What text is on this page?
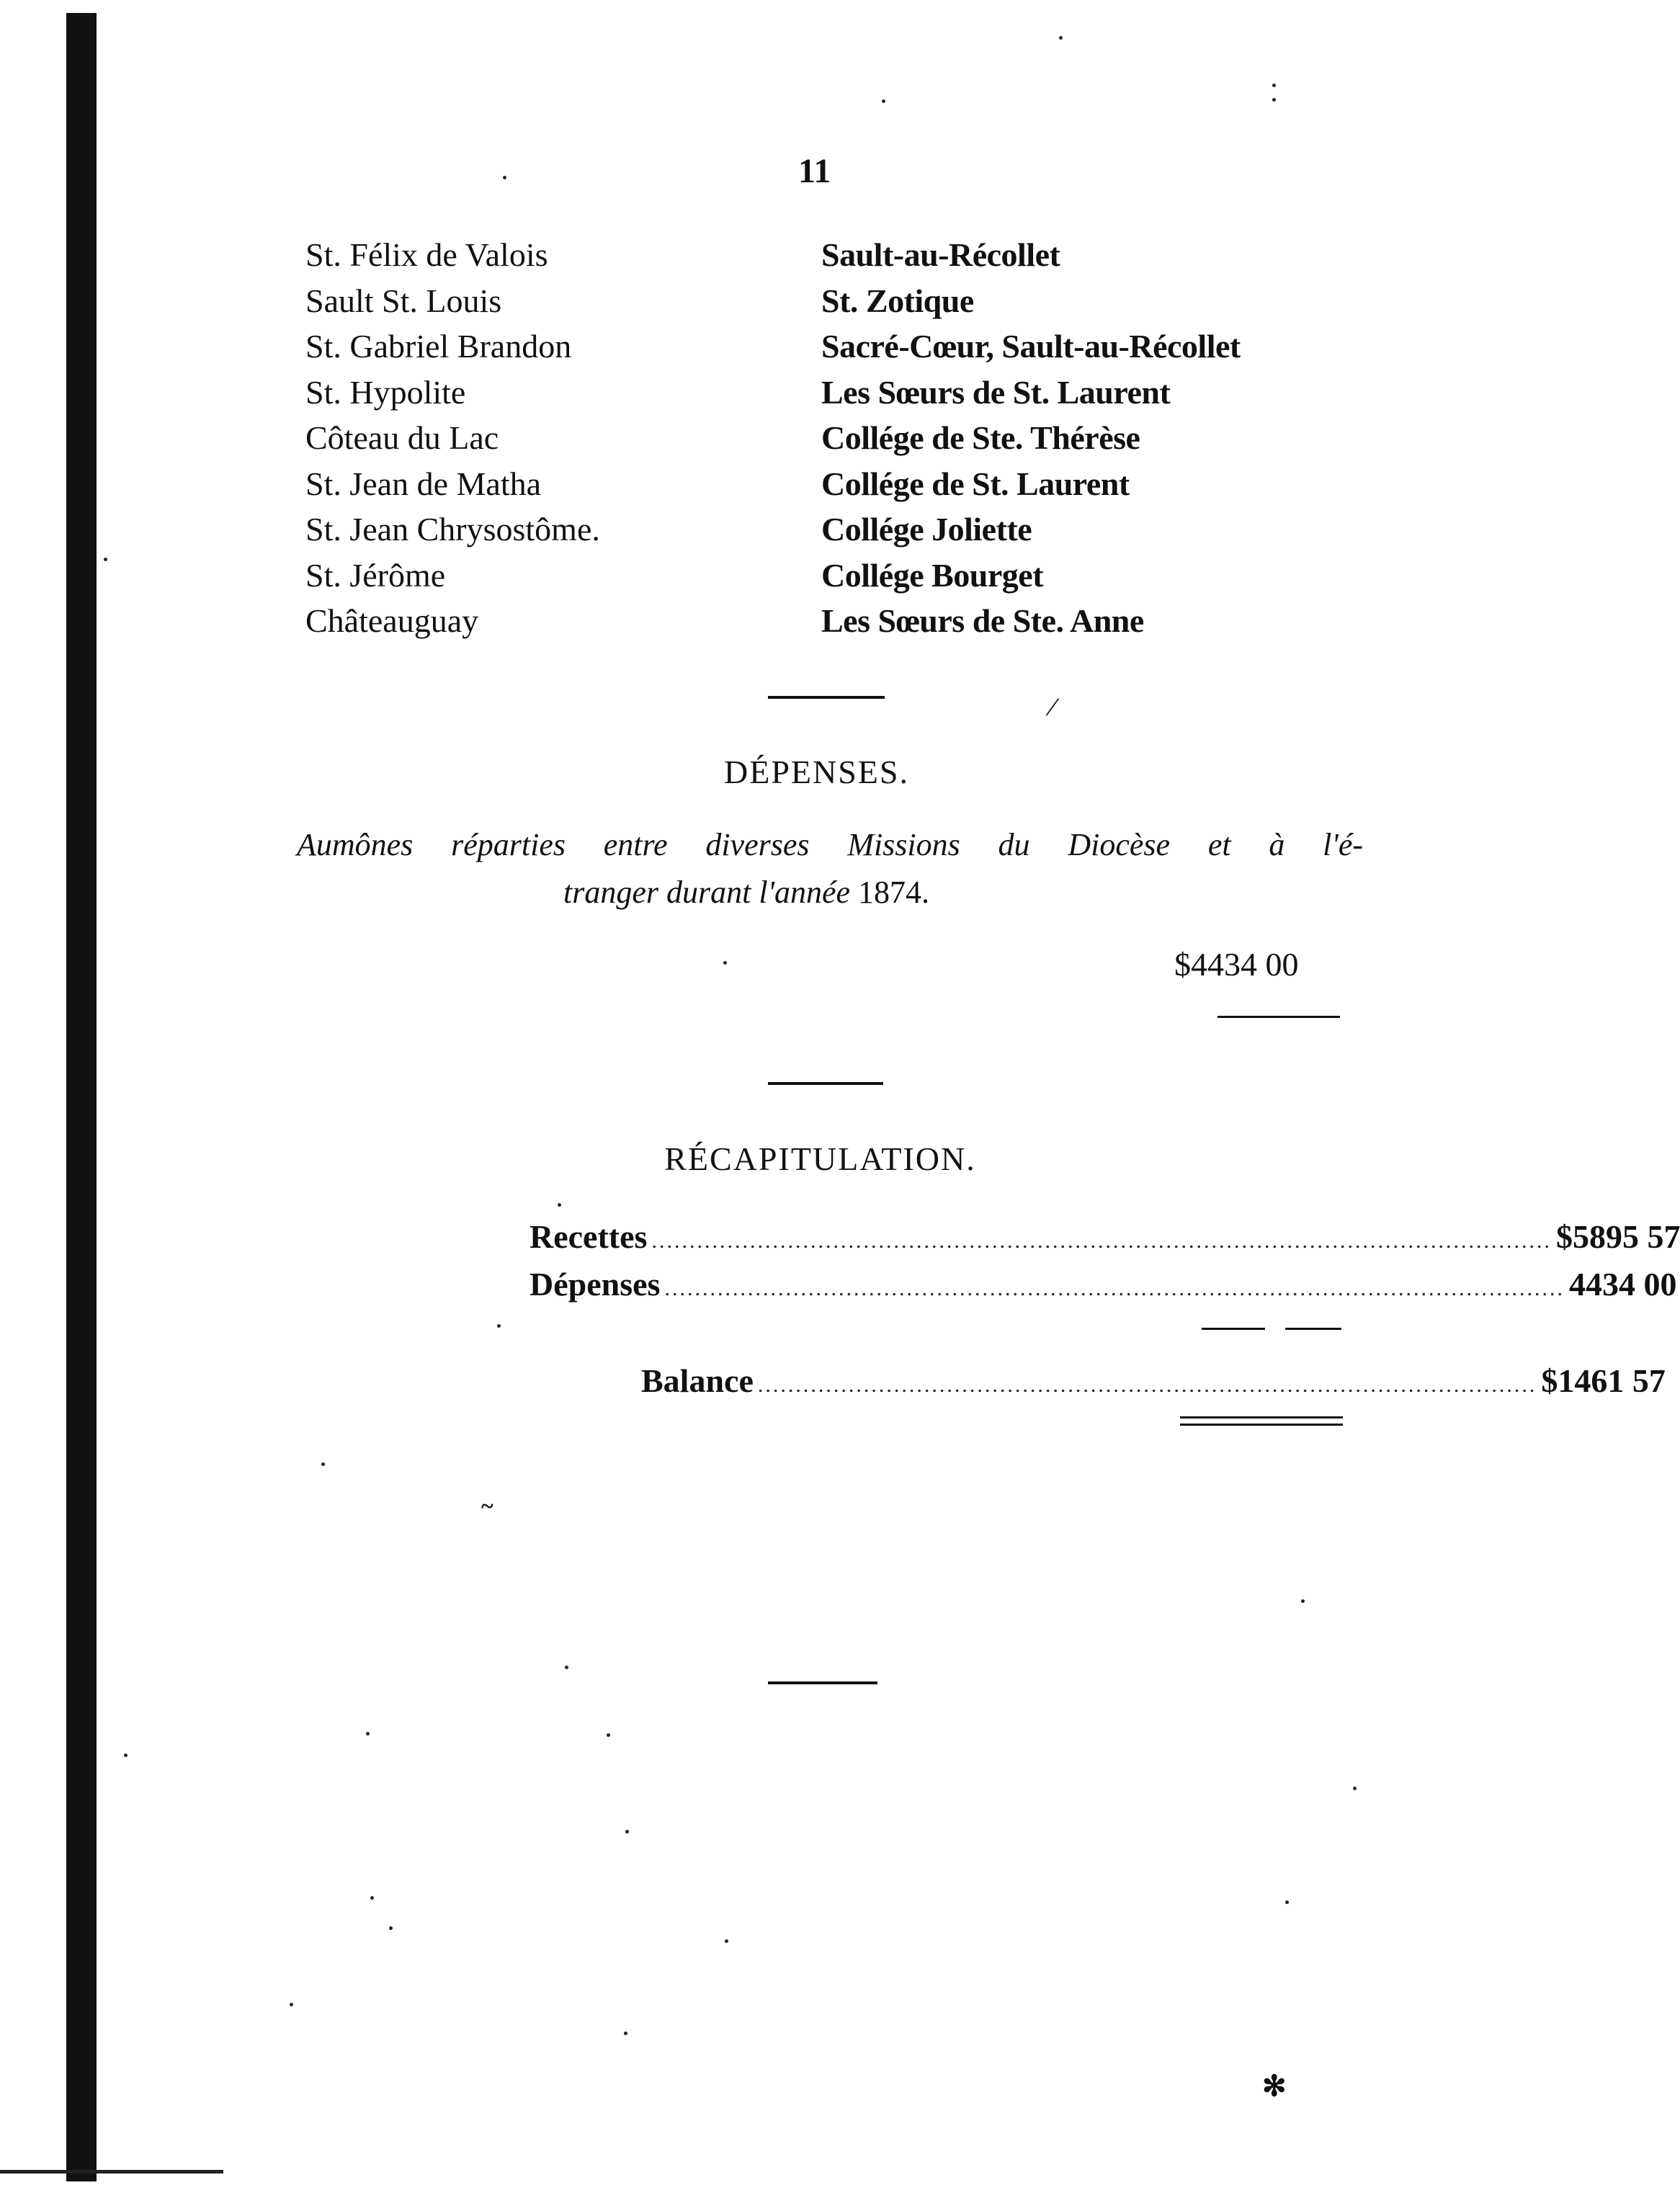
11
St. Félix de Valois
Sault St. Louis
St. Gabriel Brandon
St. Hypolite
Côteau du Lac
St. Jean de Matha
St. Jean Chrysostôme.
St. Jérôme
Châteauguay
Sault-au-Récollet
St. Zotique
Sacré-Cœur, Sault-au-Récollet
Les Sœurs de St. Laurent
Collége de Ste. Thérèse
Collége de St. Laurent
Collége Joliette
Collége Bourget
Les Sœurs de Ste. Anne
DÉPENSES.
Aumônes réparties entre diverses Missions du Diocèse et à l'é-
tranger durant l'année 1874.
$4434 00
RÉCAPITULATION.
Recettes ....................................................................................................................... $5895 57
Dépenses ....................................................................................................................... 4434 00
Balance ....................................................................................................... $1461 57
⁄
~
✻
